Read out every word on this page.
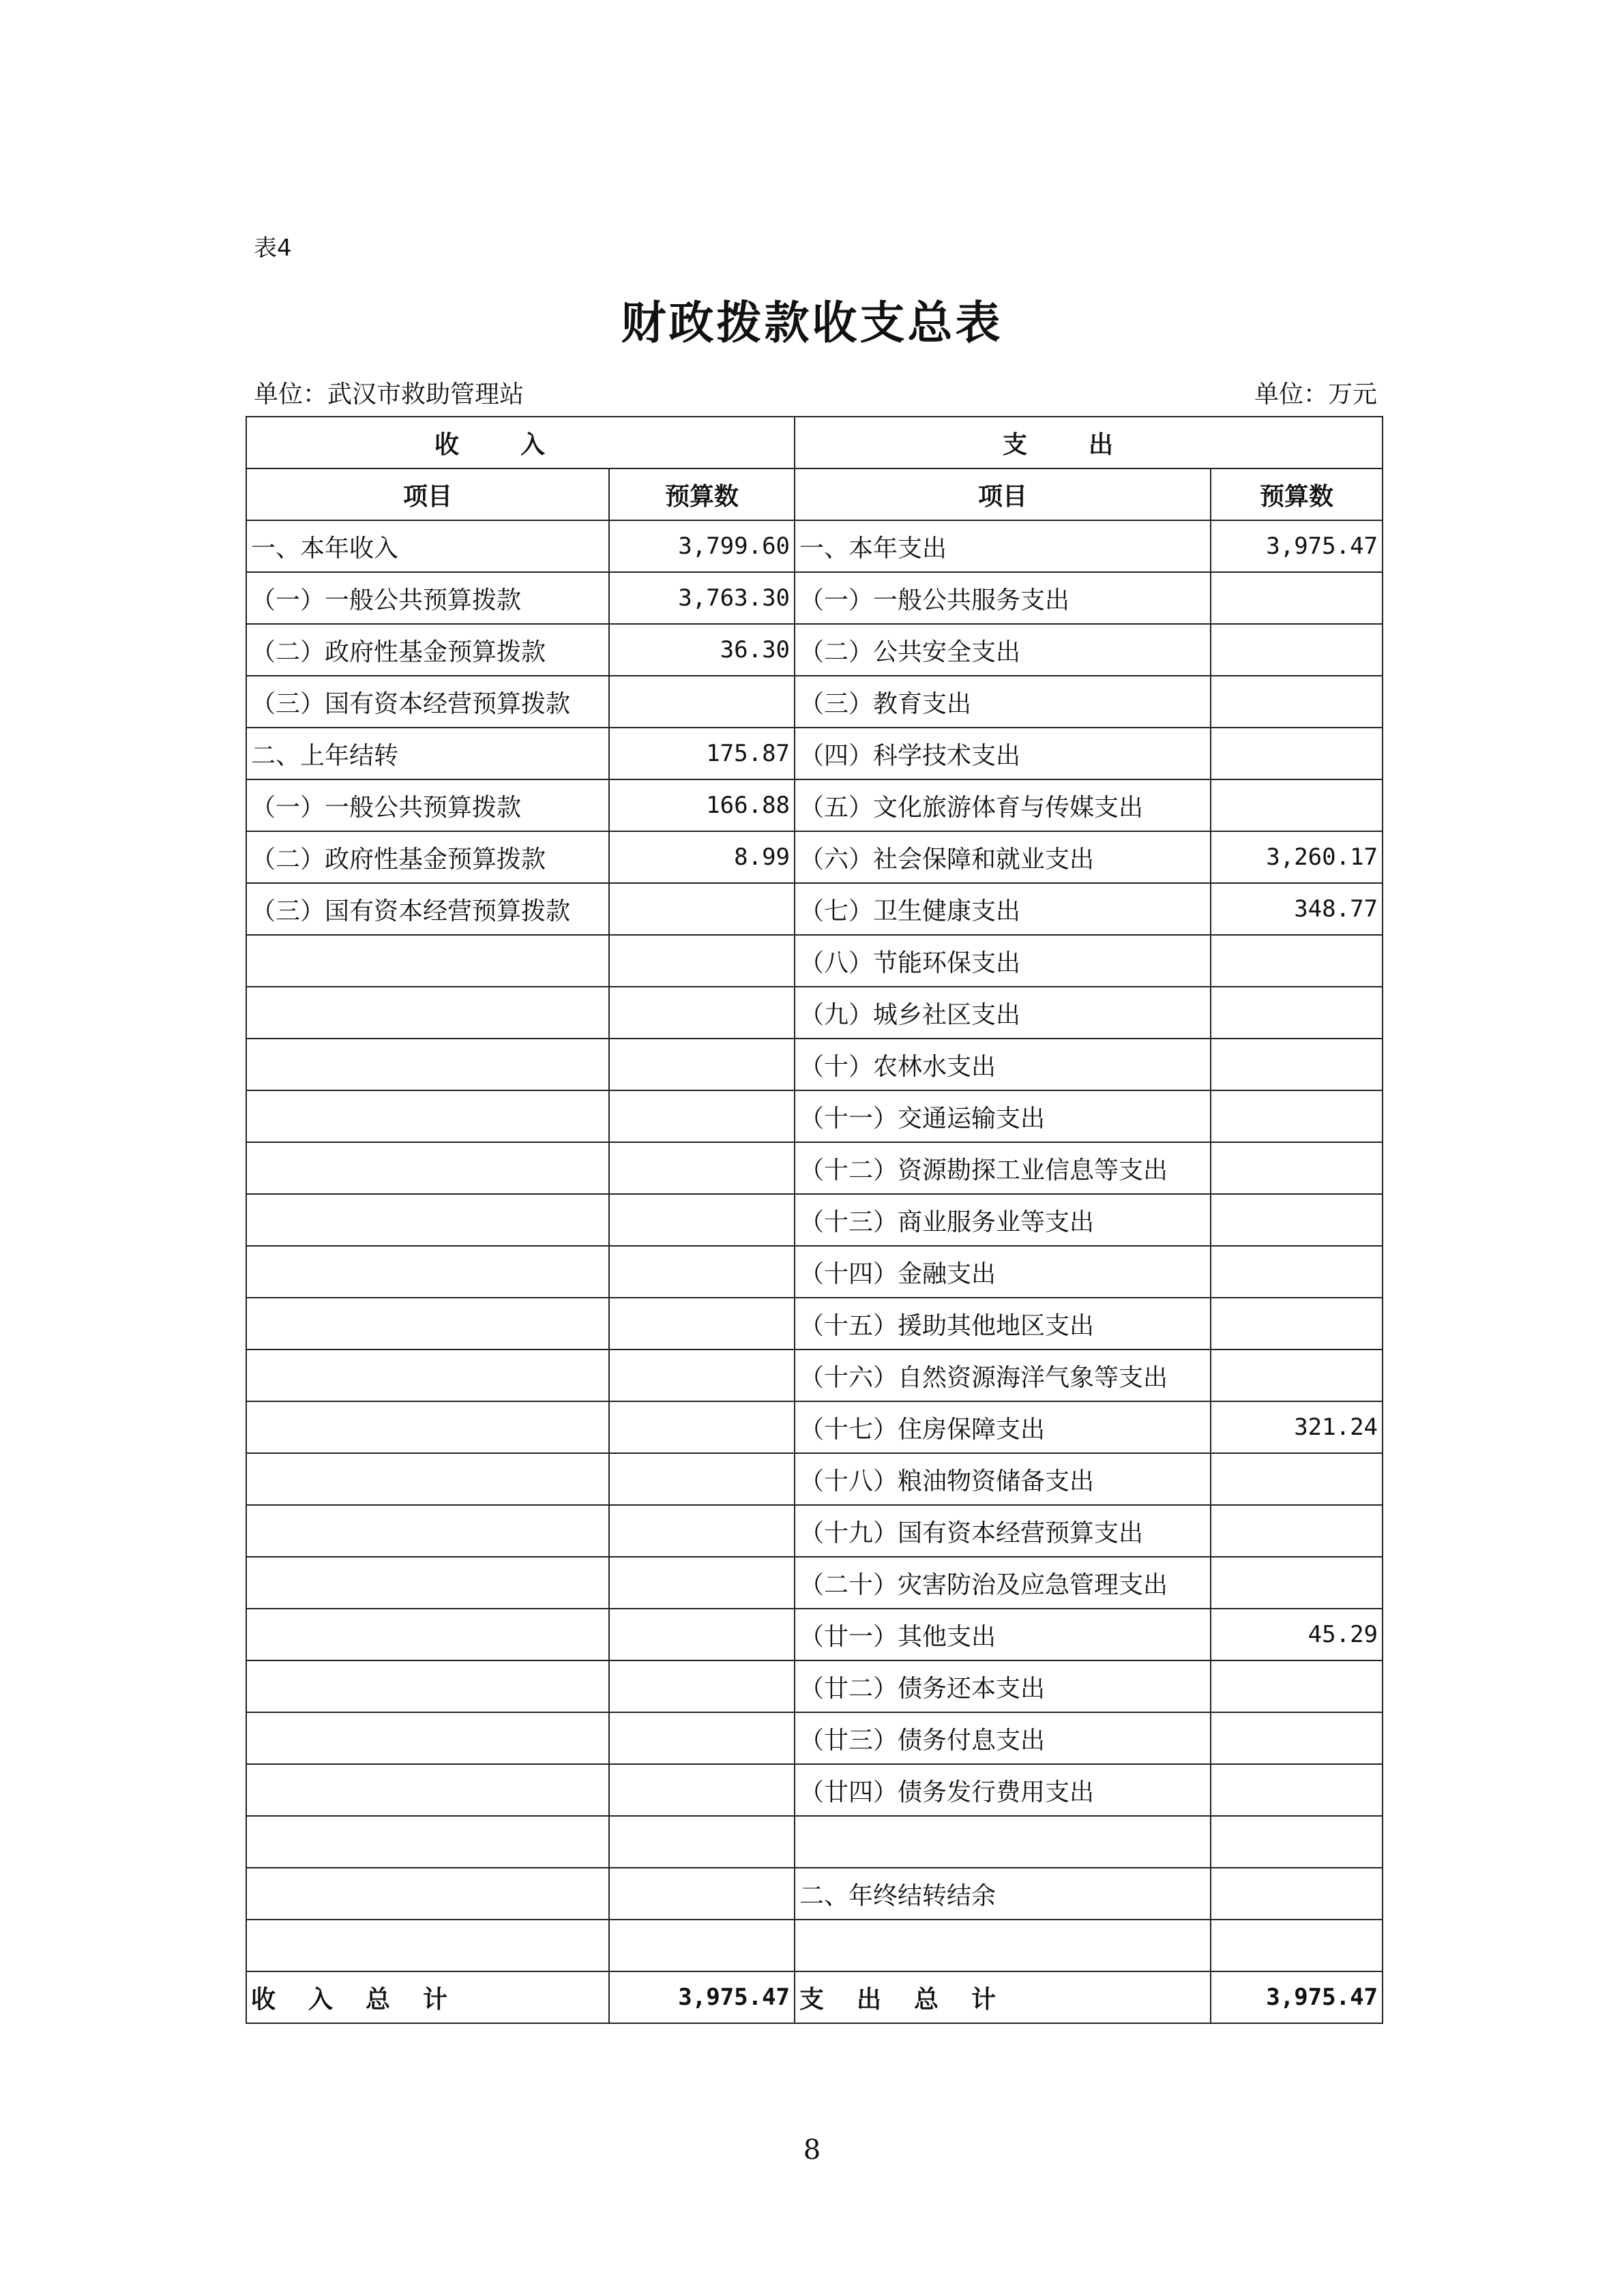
表4
财政拨款收支总表
单位：武汉市救助管理站	单位：万元
收入		支出	
项目	预算数	项目	预算数
一、本年收入	3,799.60	一、本年支出	3,975.47
（一）一般公共预算拨款	3,763.30	（一）一般公共服务支出	
（二）政府性基金预算拨款	36.30	（二）公共安全支出	
（三）国有资本经营预算拨款		（三）教育支出	
二、上年结转	175.87	（四）科学技术支出	
（一）一般公共预算拨款	166.88	（五）文化旅游体育与传媒支出	
（二）政府性基金预算拨款	8.99	（六）社会保障和就业支出	3,260.17
（三）国有资本经营预算拨款		（七）卫生健康支出	348.77
		（八）节能环保支出	
		（九）城乡社区支出	
		（十）农林水支出	
		（十一）交通运输支出	
		（十二）资源勘探工业信息等支出	
		（十三）商业服务业等支出	
		（十四）金融支出	
		（十五）援助其他地区支出	
		（十六）自然资源海洋气象等支出	
		（十七）住房保障支出	321.24
		（十八）粮油物资储备支出	
		（十九）国有资本经营预算支出	
		（二十）灾害防治及应急管理支出	
		（廿一）其他支出	45.29
		（廿二）债务还本支出	
		（廿三）债务付息支出	
		（廿四）债务发行费用支出	

		二、年终结转结余	

收入总计	3,975.47	支出总计	3,975.47
8
